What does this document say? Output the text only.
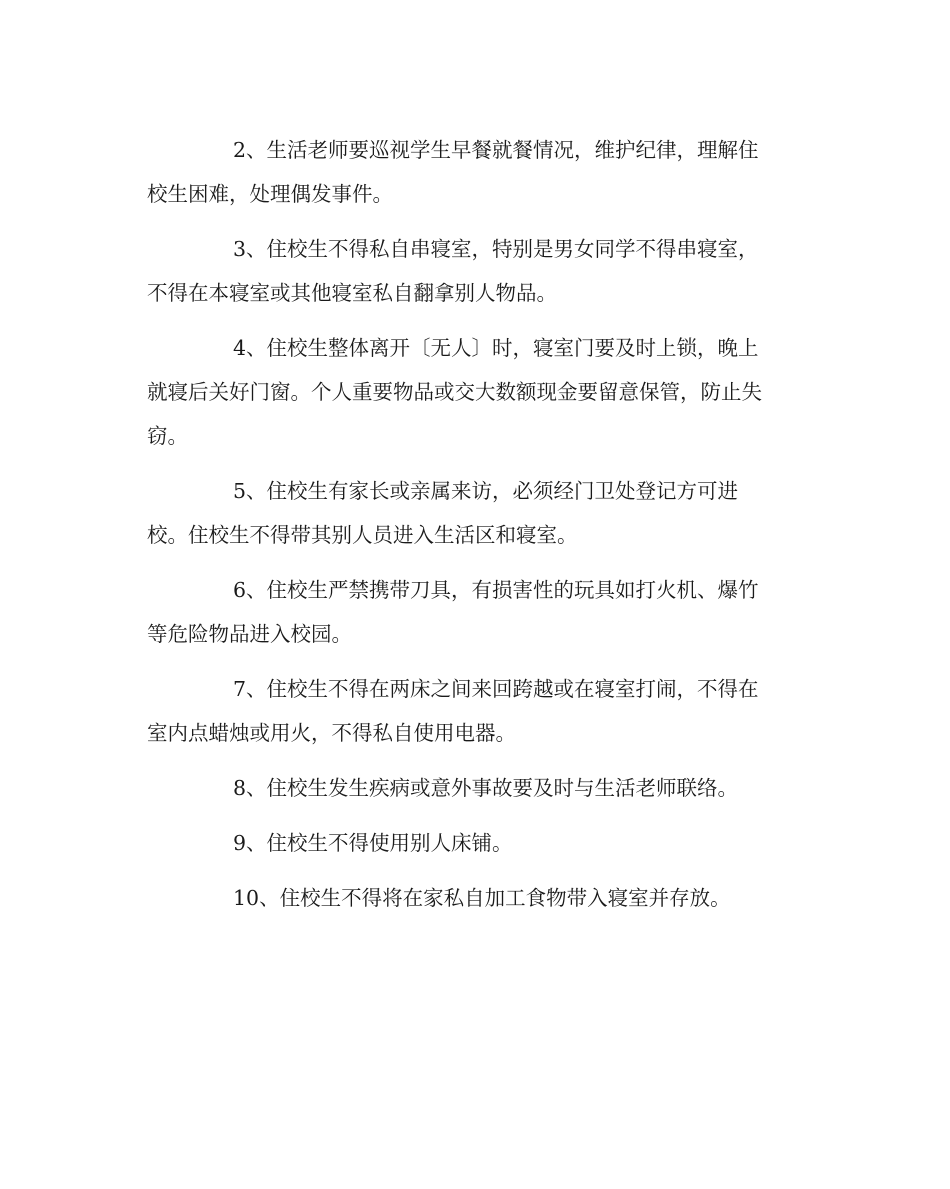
2、生活老师要巡视学生早餐就餐情况，维护纪律，理解住
校生困难，处理偶发事件。
3、住校生不得私自串寝室，特别是男女同学不得串寝室，
不得在本寝室或其他寝室私自翻拿别人物品。
4、住校生整体离开〔无人〕时，寝室门要及时上锁，晚上
就寝后关好门窗。个人重要物品或交大数额现金要留意保管，防止失
窃。
5、住校生有家长或亲属来访，必须经门卫处登记方可进
校。住校生不得带其别人员进入生活区和寝室。
6、住校生严禁携带刀具，有损害性的玩具如打火机、爆竹
等危险物品进入校园。
7、住校生不得在两床之间来回跨越或在寝室打闹，不得在
室内点蜡烛或用火，不得私自使用电器。
8、住校生发生疾病或意外事故要及时与生活老师联络。
9、住校生不得使用别人床铺。
10、住校生不得将在家私自加工食物带入寝室并存放。
